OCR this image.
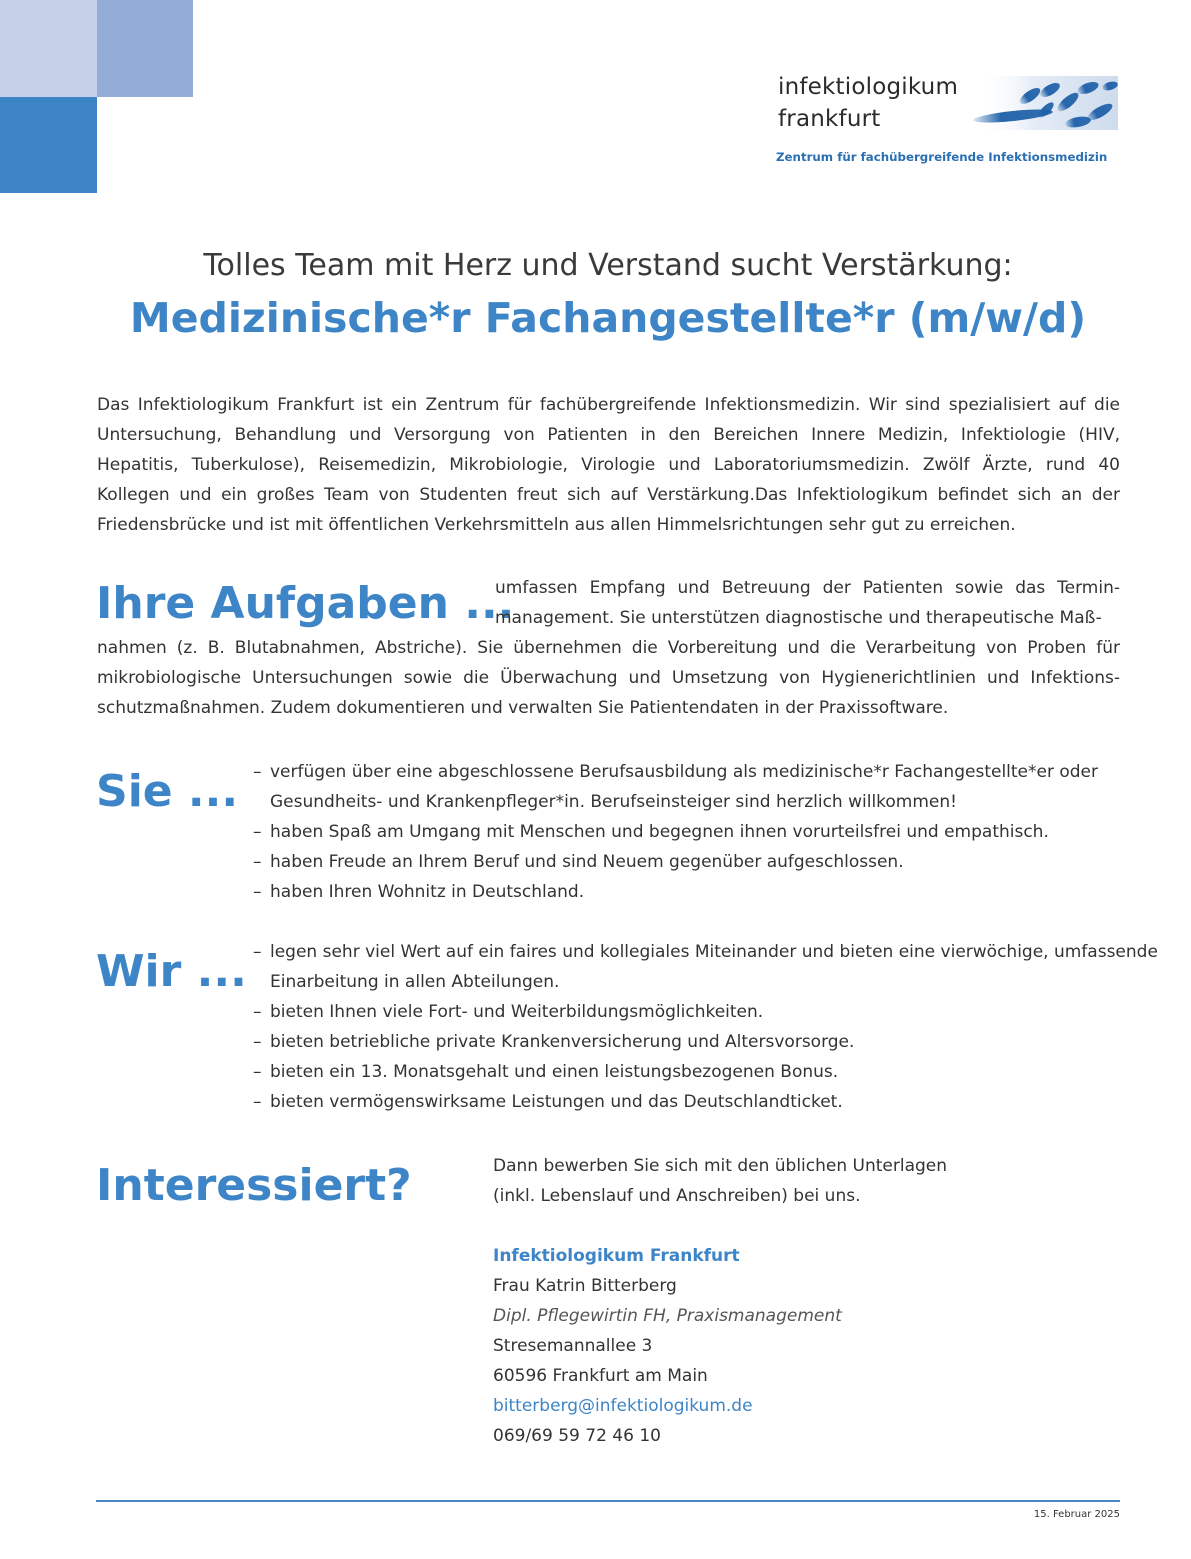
infektiologikum
frankfurt
Zentrum für fachübergreifende Infektionsmedizin
Tolles Team mit Herz und Verstand sucht Verstärkung:
Medizinische*r Fachangestellte*r (m/w/d)

Das Infektiologikum Frankfurt ist ein Zentrum für fachübergreifende Infektionsmedizin. Wir sind spezialisiert auf die Untersuchung, Behandlung und Versorgung von Patienten in den Bereichen Innere Medizin, Infektiologie (HIV, Hepatitis, Tuberkulose), Reisemedizin, Mikrobiologie, Virologie und Laboratoriumsmedizin. Zwölf Ärzte, rund 40 Kollegen und ein großes Team von Studenten freut sich auf Verstärkung.Das Infektiologikum befindet sich an der Friedensbrücke und ist mit öffentlichen Verkehrsmitteln aus allen Himmelsrichtungen sehr gut zu erreichen.

Ihre Aufgaben ...

umfassen Empfang und Betreuung der Patienten sowie das Termin-management. Sie unterstützen diagnostische und therapeutische Maß-

nahmen (z. B. Blutabnahmen, Abstriche). Sie übernehmen die Vorbereitung und die Verarbeitung von Proben für mikrobiologische Untersuchungen sowie die Überwachung und Umsetzung von Hygienerichtlinien und Infektions-schutzmaßnahmen. Zudem dokumentieren und verwalten Sie Patientendaten in der Praxissoftware.

Sie ... – verfügen über eine abgeschlossene Berufsausbildung als medizinische*r Fachangestellte*er oder Gesundheits- und Krankenpfleger*in. Berufseinsteiger sind herzlich willkommen!
– haben Spaß am Umgang mit Menschen und begegnen ihnen vorurteilsfrei und empathisch.
– haben Freude an Ihrem Beruf und sind Neuem gegenüber aufgeschlossen.
– haben Ihren Wohnitz in Deutschland.
Wir ... – legen sehr viel Wert auf ein faires und kollegiales Miteinander und bieten eine vierwöchige, umfassende Einarbeitung in allen Abteilungen.
– bieten Ihnen viele Fort- und Weiterbildungsmöglichkeiten.
– bieten betriebliche private Krankenversicherung und Altersvorsorge.
– bieten ein 13. Monatsgehalt und einen leistungsbezogenen Bonus.
– bieten vermögenswirksame Leistungen und das Deutschlandticket.
Interessiert?	Dann bewerben Sie sich mit den üblichen Unterlagen
(inkl. Lebenslauf und Anschreiben) bei uns.
Infektiologikum Frankfurt
Frau Katrin Bitterberg
Dipl. Pflegewirtin FH, Praxismanagement
Stresemannallee 3
60596 Frankfurt am Main
bitterberg@infektiologikum.de
069/69 59 72 46 10
15. Februar 2025
